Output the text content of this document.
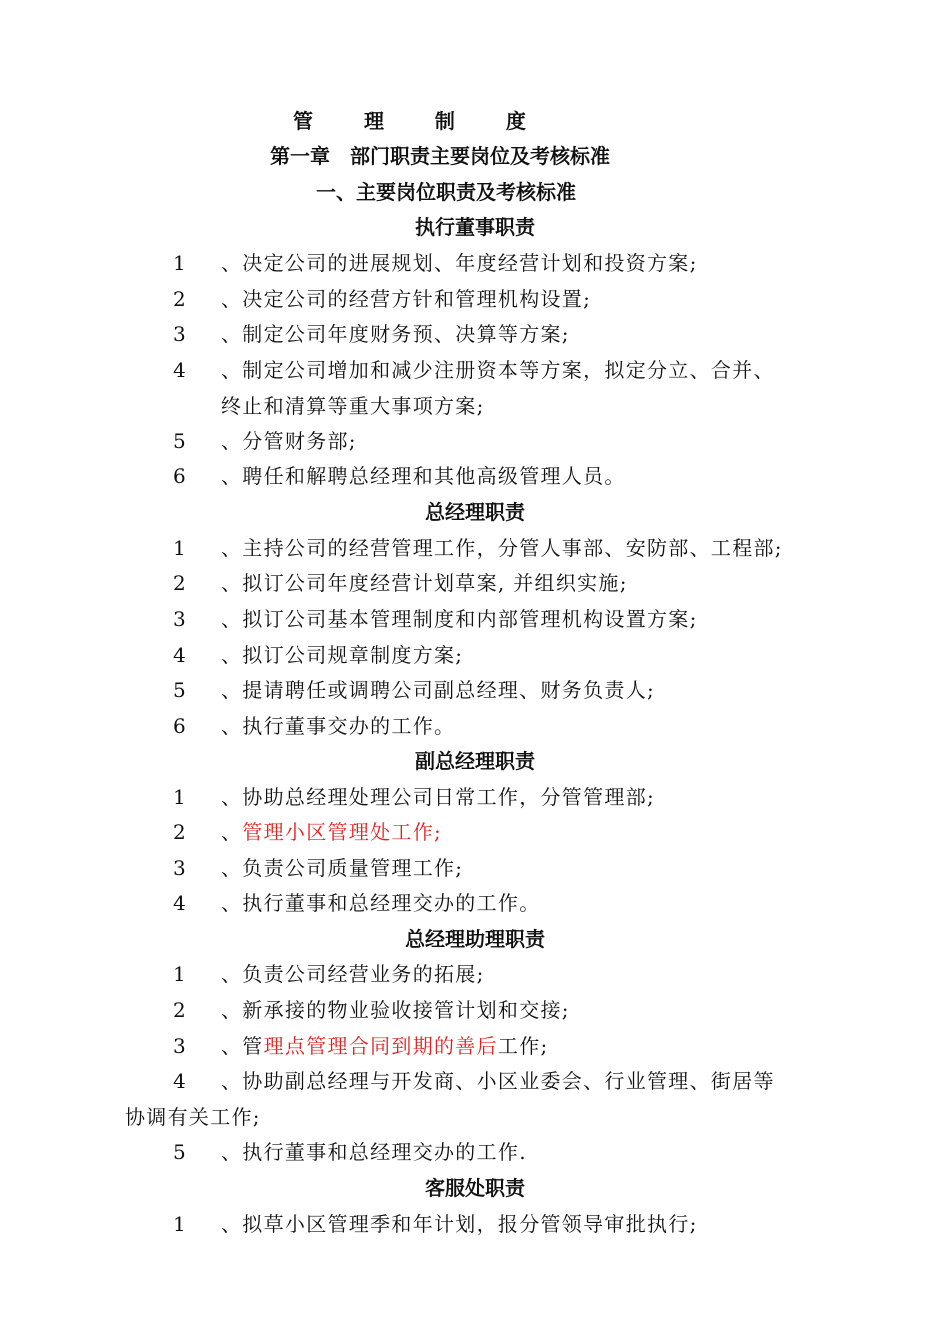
管 理 制 度
第一章　部门职责主要岗位及考核标准
一、主要岗位职责及考核标准
执行董事职责
1 、决定公司的进展规划、年度经营计划和投资方案;
2 、决定公司的经营方针和管理机构设置;
3 、制定公司年度财务预、决算等方案;
4 、制定公司增加和减少注册资本等方案，拟定分立、合并、
终止和清算等重大事项方案;
5 、分管财务部;
6 、聘任和解聘总经理和其他高级管理人员。
总经理职责
1 、主持公司的经营管理工作，分管人事部、安防部、工程部;
2 、拟订公司年度经营计划草案, 并组织实施;
3 、拟订公司基本管理制度和内部管理机构设置方案;
4 、拟订公司规章制度方案;
5 、提请聘任或调聘公司副总经理、财务负责人;
6 、执行董事交办的工作。
副总经理职责
1 、协助总经理处理公司日常工作，分管管理部;
2 、管理小区管理处工作;
3 、负责公司质量管理工作;
4 、执行董事和总经理交办的工作。
总经理助理职责
1 、负责公司经营业务的拓展;
2 、新承接的物业验收接管计划和交接;
3 、管理点管理合同到期的善后工作;
4 、协助副总经理与开发商、小区业委会、行业管理、街居等
协调有关工作;
5 、执行董事和总经理交办的工作.
客服处职责
1 、拟草小区管理季和年计划，报分管领导审批执行;
